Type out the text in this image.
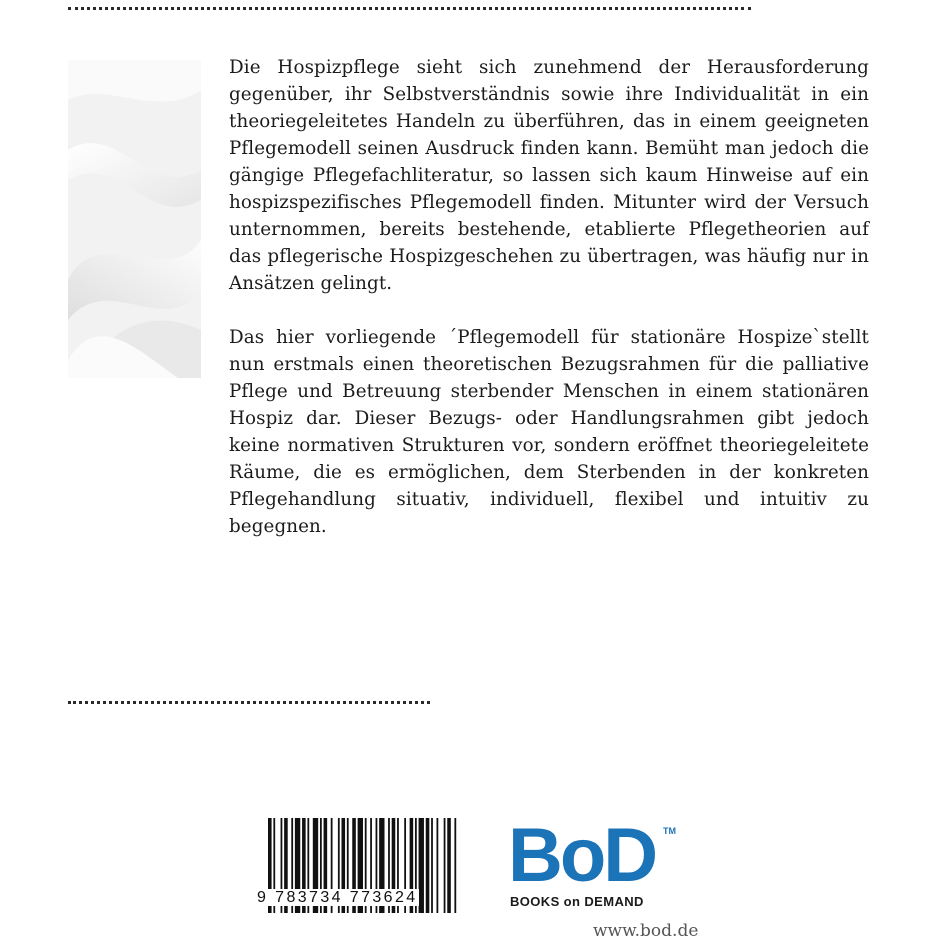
Die Hospizpflege sieht sich zunehmend der Herausforderung gegenüber, ihr Selbstverständnis sowie ihre Individualität in ein theoriegeleitetes Handeln zu überführen, das in einem geeigneten Pflegemodell seinen Ausdruck finden kann. Bemüht man jedoch die gängige Pflegefachliteratur, so lassen sich kaum Hinweise auf ein hospizspezifisches Pflegemodell finden. Mitunter wird der Versuch unternommen, bereits bestehende, etablierte Pflegetheorien auf das pflegerische Hospizgeschehen zu übertragen, was häufig nur in Ansätzen gelingt.

Das hier vorliegende ´Pflegemodell für stationäre Hospize`stellt nun erstmals einen theoretischen Bezugsrahmen für die palliative Pflege und Betreuung sterbender Menschen in einem stationären Hospiz dar. Dieser Bezugs- oder Handlungsrahmen gibt jedoch keine normativen Strukturen vor, sondern eröffnet theoriegeleitete Räume, die es ermöglichen, dem Sterbenden in der konkreten Pflegehandlung situativ, individuell, flexibel und intuitiv zu begegnen.

9 783734 773624	BoD TM
BOOKS on DEMAND
www.bod.de
